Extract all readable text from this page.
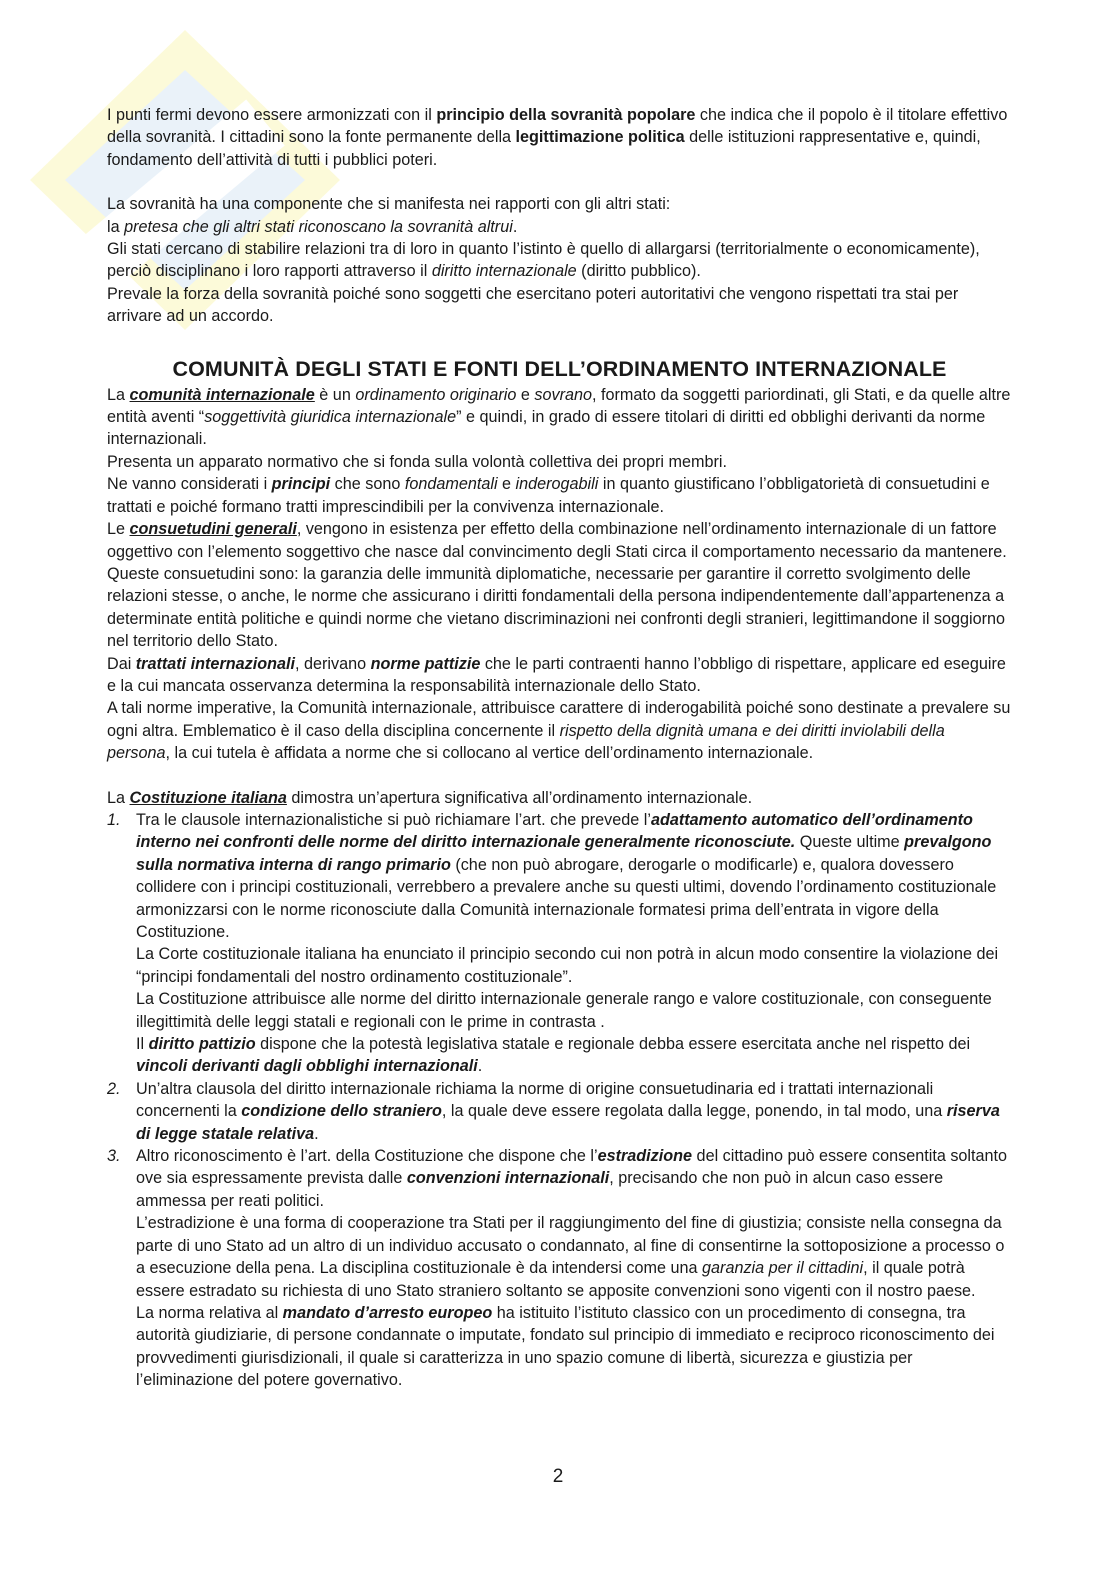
I punti fermi devono essere armonizzati con il principio della sovranità popolare che indica che il popolo è il titolare effettivo della sovranità. I cittadini sono la fonte permanente della legittimazione politica delle istituzioni rappresentative e, quindi, fondamento dell’attività di tutti i pubblici poteri.

La sovranità ha una componente che si manifesta nei rapporti con gli altri stati:

la pretesa che gli altri stati riconoscano la sovranità altrui.

Gli stati cercano di stabilire relazioni tra di loro in quanto l’istinto è quello di allargarsi (territorialmente o economicamente), perciò disciplinano i loro rapporti attraverso il diritto internazionale (diritto pubblico).

Prevale la forza della sovranità poiché sono soggetti che esercitano poteri autoritativi che vengono rispettati tra stai per arrivare ad un accordo.

COMUNITÀ DEGLI STATI E FONTI DELL’ORDINAMENTO INTERNAZIONALE

La comunità internazionale è un ordinamento originario e sovrano, formato da soggetti pariordinati, gli Stati, e da quelle altre entità aventi “soggettività giuridica internazionale” e quindi, in grado di essere titolari di diritti ed obblighi derivanti da norme internazionali.

Presenta un apparato normativo che si fonda sulla volontà collettiva dei propri membri.

Ne vanno considerati i principi che sono fondamentali e inderogabili in quanto giustificano l’obbligatorietà di consuetudini e trattati e poiché formano tratti imprescindibili per la convivenza internazionale.

Le consuetudini generali, vengono in esistenza per effetto della combinazione nell’ordinamento internazionale di un fattore oggettivo con l’elemento soggettivo che nasce dal convincimento degli Stati circa il comportamento necessario da mantenere. Queste consuetudini sono: la garanzia delle immunità diplomatiche, necessarie per garantire il corretto svolgimento delle relazioni stesse, o anche, le norme che assicurano i diritti fondamentali della persona indipendentemente dall’appartenenza a determinate entità politiche e quindi norme che vietano discriminazioni nei confronti degli stranieri, legittimandone il soggiorno nel territorio dello Stato.

Dai trattati internazionali, derivano norme pattizie che le parti contraenti hanno l’obbligo di rispettare, applicare ed eseguire e la cui mancata osservanza determina la responsabilità internazionale dello Stato.

A tali norme imperative, la Comunità internazionale, attribuisce carattere di inderogabilità poiché sono destinate a prevalere su ogni altra. Emblematico è il caso della disciplina concernente il rispetto della dignità umana e dei diritti inviolabili della persona, la cui tutela è affidata a norme che si collocano al vertice dell’ordinamento internazionale.

La Costituzione italiana dimostra un’apertura significativa all’ordinamento internazionale.

1. Tra le clausole internazionalistiche si può richiamare l’art. che prevede l’adattamento automatico dell’ordinamento interno nei confronti delle norme del diritto internazionale generalmente riconosciute. Queste ultime prevalgono sulla normativa interna di rango primario (che non può abrogare, derogarle o modificarle) e, qualora dovessero collidere con i principi costituzionali, verrebbero a prevalere anche su questi ultimi, dovendo l’ordinamento costituzionale armonizzarsi con le norme riconosciute dalla Comunità internazionale formatesi prima dell’entrata in vigore della Costituzione.

La Corte costituzionale italiana ha enunciato il principio secondo cui non potrà in alcun modo consentire la violazione dei “principi fondamentali del nostro ordinamento costituzionale”.

La Costituzione attribuisce alle norme del diritto internazionale generale rango e valore costituzionale, con conseguente illegittimità delle leggi statali e regionali con le prime in contrasta .

Il diritto pattizio dispone che la potestà legislativa statale e regionale debba essere esercitata anche nel rispetto dei vincoli derivanti dagli obblighi internazionali.

2. Un’altra clausola del diritto internazionale richiama la norme di origine consuetudinaria ed i trattati internazionali concernenti la condizione dello straniero, la quale deve essere regolata dalla legge, ponendo, in tal modo, una riserva di legge statale relativa.

3. Altro riconoscimento è l’art. della Costituzione che dispone che l’estradizione del cittadino può essere consentita soltanto ove sia espressamente prevista dalle convenzioni internazionali, precisando che non può in alcun caso essere ammessa per reati politici.

L’estradizione è una forma di cooperazione tra Stati per il raggiungimento del fine di giustizia; consiste nella consegna da parte di uno Stato ad un altro di un individuo accusato o condannato, al fine di consentirne la sottoposizione a processo o a esecuzione della pena. La disciplina costituzionale è da intendersi come una garanzia per il cittadini, il quale potrà essere estradato su richiesta di uno Stato straniero soltanto se apposite convenzioni sono vigenti con il nostro paese.

La norma relativa al mandato d’arresto europeo ha istituito l’istituto classico con un procedimento di consegna, tra autorità giudiziarie, di persone condannate o imputate, fondato sul principio di immediato e reciproco riconoscimento dei provvedimenti giurisdizionali, il quale si caratterizza in uno spazio comune di libertà, sicurezza e giustizia per l’eliminazione del potere governativo.

2
